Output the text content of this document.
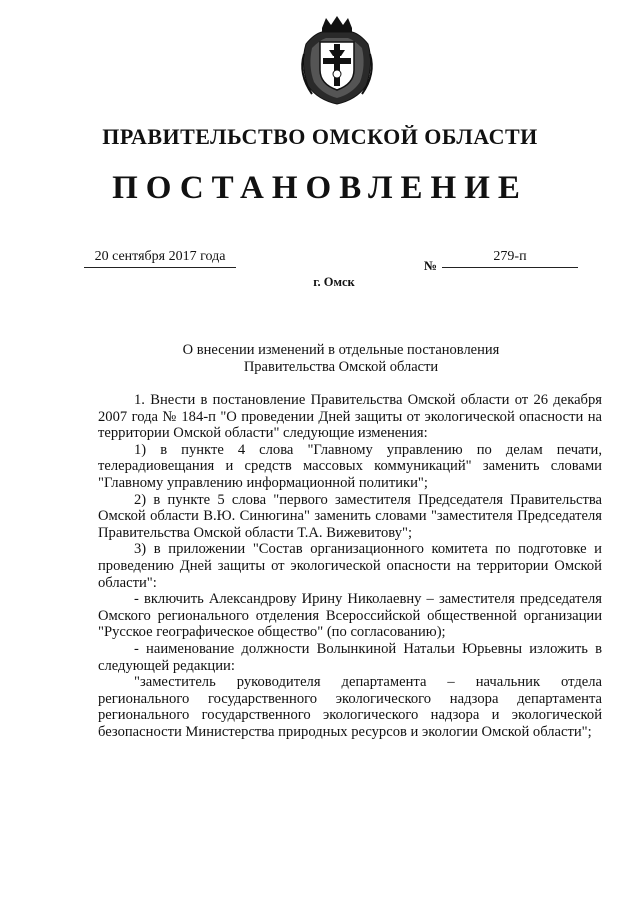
ПРАВИТЕЛЬСТВО ОМСКОЙ ОБЛАСТИ
ПОСТАНОВЛЕНИЕ
20 сентября 2017 года
№
279-п
г. Омск
О внесении изменений в отдельные постановления
Правительства Омской области

1. Внести в постановление Правительства Омской области от 26 декабря 2007 года № 184-п "О проведении Дней защиты от экологической опасности на территории Омской области" следующие изменения:

1) в пункте 4 слова "Главному управлению по делам печати, телерадиовещания и средств массовых коммуникаций" заменить словами "Главному управлению информационной политики";

2) в пункте 5 слова "первого заместителя Председателя Правительства Омской области В.Ю. Синюгина" заменить словами "заместителя Председателя Правительства Омской области Т.А. Вижевитову";

3) в приложении "Состав организационного комитета по подготовке и проведению Дней защиты от экологической опасности на территории Омской области":

- включить Александрову Ирину Николаевну – заместителя председателя Омского регионального отделения Всероссийской общественной организации "Русское географическое общество" (по согласованию);

- наименование должности Волынкиной Натальи Юрьевны изложить в следующей редакции:

"заместитель руководителя департамента – начальник отдела регионального государственного экологического надзора департамента регионального государственного экологического надзора и экологической безопасности Министерства природных ресурсов и экологии Омской области";
